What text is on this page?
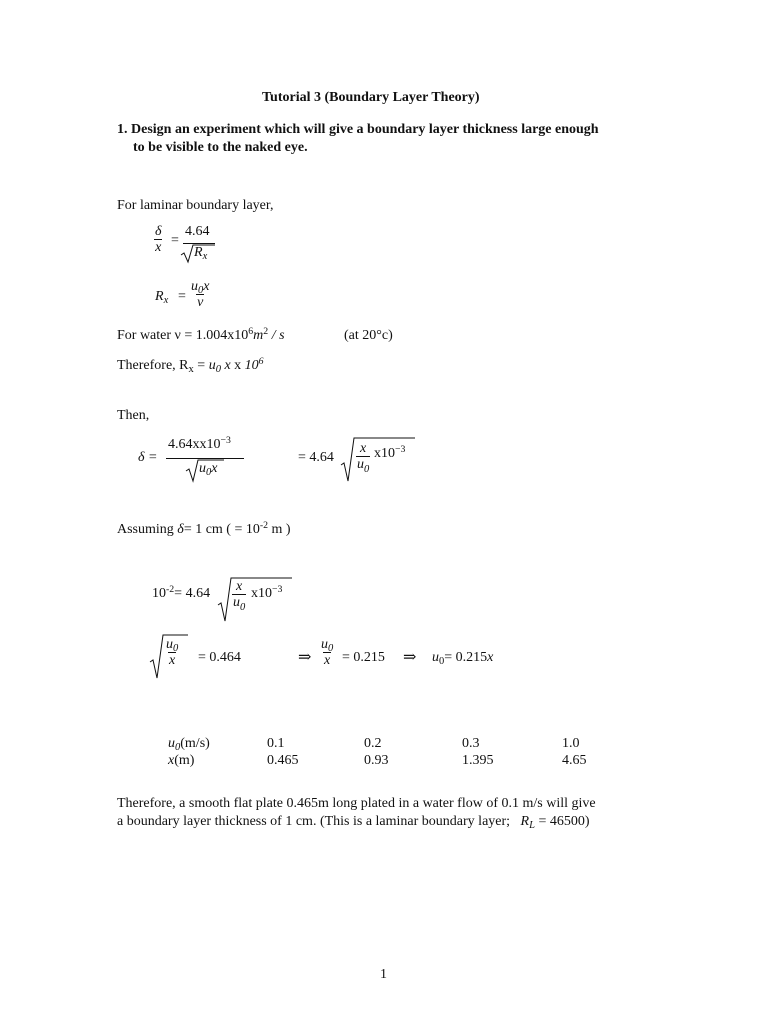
Tutorial 3 (Boundary Layer Theory)
1. Design an experiment which will give a boundary layer thickness large enough
to be visible to the naked eye.
For laminar boundary layer,
$\frac{\delta}{x}$ =
4.64
$R_x$
$R_x = \frac{u_0x}{\nu}$
For water $\nu = 1.004x10^6m^2 / s$	(at 20°c)
Therefore, $R_x = u_0$ x x $10^6$
Then,
δ =
$4.64xx10^{-3}$
$u_0x$
= $4.64 \frac{x}{u_0} x10^{-3}$
Assuming δ= 1 cm ( = $10^{-2}$ m )
$10^{-2}= 4.64 \frac{x}{u_0} x10^{-3}$
$\frac{u_0}{x} = 0.464$	⇒ $\frac{u_0}{x} = 0.215$ ⇒ $u_0= 0.215x$
$u_0(m/s)$	0.1	0.2	0.3	1.0
x(m)	0.465	0.93	1.395	4.65
Therefore, a smooth flat plate 0.465m long plated in a water flow of 0.1 m/s will give
a boundary layer thickness of 1 cm. (This is a laminar boundary layer; $R_L = 46500$)
1
